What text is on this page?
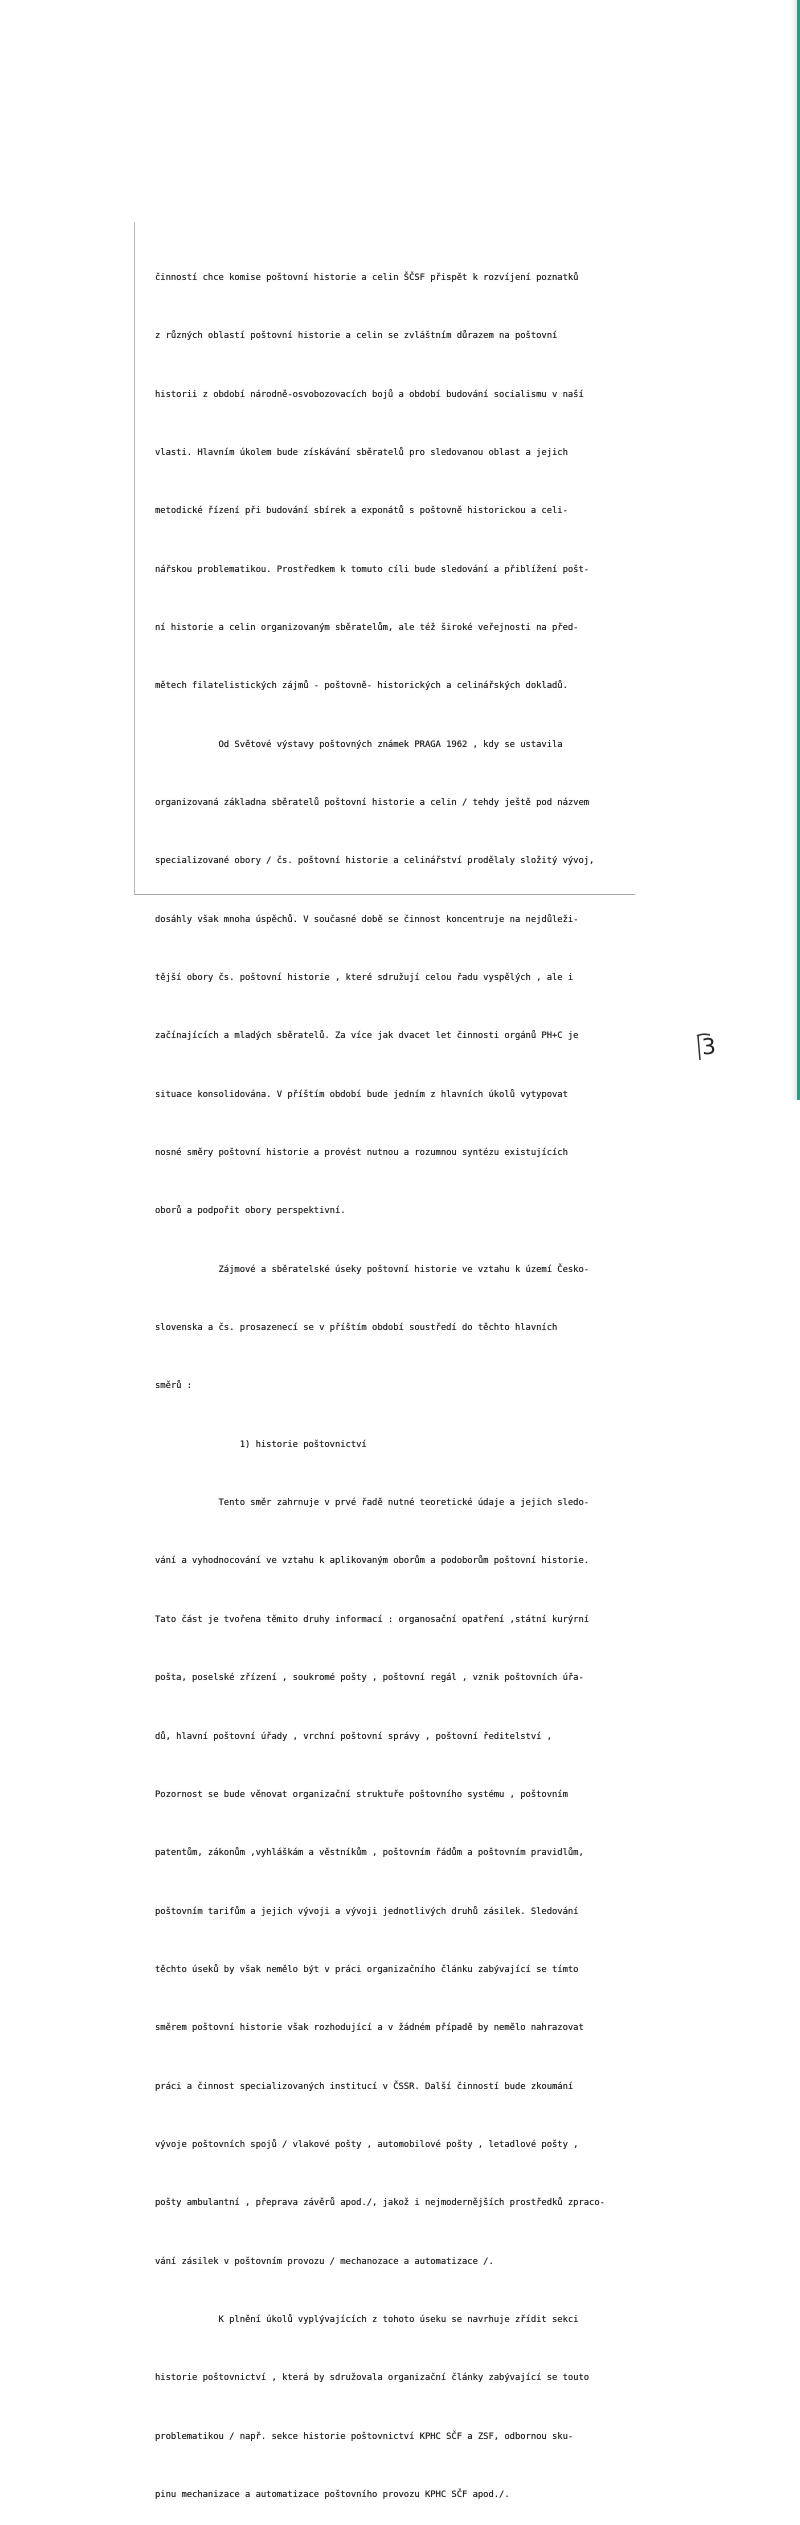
činností chce komise poštovní historie a celin ŠČSF přispět k rozvíjení poznatků

z různých oblastí poštovní historie a celin se zvláštním důrazem na poštovní

historii z období národně-osvobozovacích bojů a období budování socialismu v naší

vlasti. Hlavním úkolem bude získávání sběratelů pro sledovanou oblast a jejich

metodické řízení při budování sbírek a exponátů s poštovně historickou a celi-

nářskou problematikou. Prostředkem k tomuto cíli bude sledování a přiblížení pošt-

ní historie a celin organizovaným sběratelům, ale též široké veřejnosti na před-

mětech filatelistických zájmů - poštovně- historických a celinářských dokladů.

Od Světové výstavy poštovných známek PRAGA 1962 , kdy se ustavila

organizovaná základna sběratelů poštovní historie a celin / tehdy ještě pod názvem

specializované obory / čs. poštovní historie a celinářství prodělaly složitý vývoj,

dosáhly však mnoha úspěchů. V současné době se činnost koncentruje na nejdůleži-

tější obory čs. poštovní historie , které sdružují celou řadu vyspělých , ale i

začínajících a mladých sběratelů. Za více jak dvacet let činnosti orgánů PH+C je

situace konsolidována. V příštím období bude jedním z hlavních úkolů vytypovat

nosné směry poštovní historie a provést nutnou a rozumnou syntézu existujících

oborů a podpořit obory perspektivní.

Zájmové a sběratelské úseky poštovní historie ve vztahu k území Česko-

slovenska a čs. prosazenecí se v příštím období soustředí do těchto hlavních

směrů :

1) historie poštovnictví

Tento směr zahrnuje v prvé řadě nutné teoretické údaje a jejich sledo-

vání a vyhodnocování ve vztahu k aplikovaným oborům a podoborům poštovní historie.

Tato část je tvořena těmito druhy informací : organosační opatření ,státní kurýrní

pošta, poselské zřízení , soukromé pošty , poštovní regál , vznik poštovních úřa-

dů, hlavní poštovní úřady , vrchní poštovní správy , poštovní ředitelství ,

Pozornost se bude věnovat organizační struktuře poštovního systému , poštovním

patentům, zákonům ,vyhláškám a věstníkům , poštovním řádům a poštovním pravidlům,

poštovním tarifům a jejich vývoji a vývoji jednotlivých druhů zásilek. Sledování

těchto úseků by však nemělo být v práci organizačního článku zabývající se tímto

směrem poštovní historie však rozhodující a v žádném případě by nemělo nahrazovat

práci a činnost specializovaných institucí v ČSSR. Další činností bude zkoumání

vývoje poštovních spojů / vlakové pošty , automobilové pošty , letadlové pošty ,

pošty ambulantní , přeprava závěrů apod./, jakož i nejmodernějších prostředků zpraco-

vání zásilek v poštovním provozu / mechanozace a automatizace /.

K plnění úkolů vyplývajících z tohoto úseku se navrhuje zřídit sekci

historie poštovnictví , která by sdružovala organizační články zabývající se touto

problematikou / např. sekce historie poštovnictví KPHC SČF a ZSF, odbornou sku-

pinu mechanizace a automatizace poštovního provozu KPHC SČF apod./.

3
